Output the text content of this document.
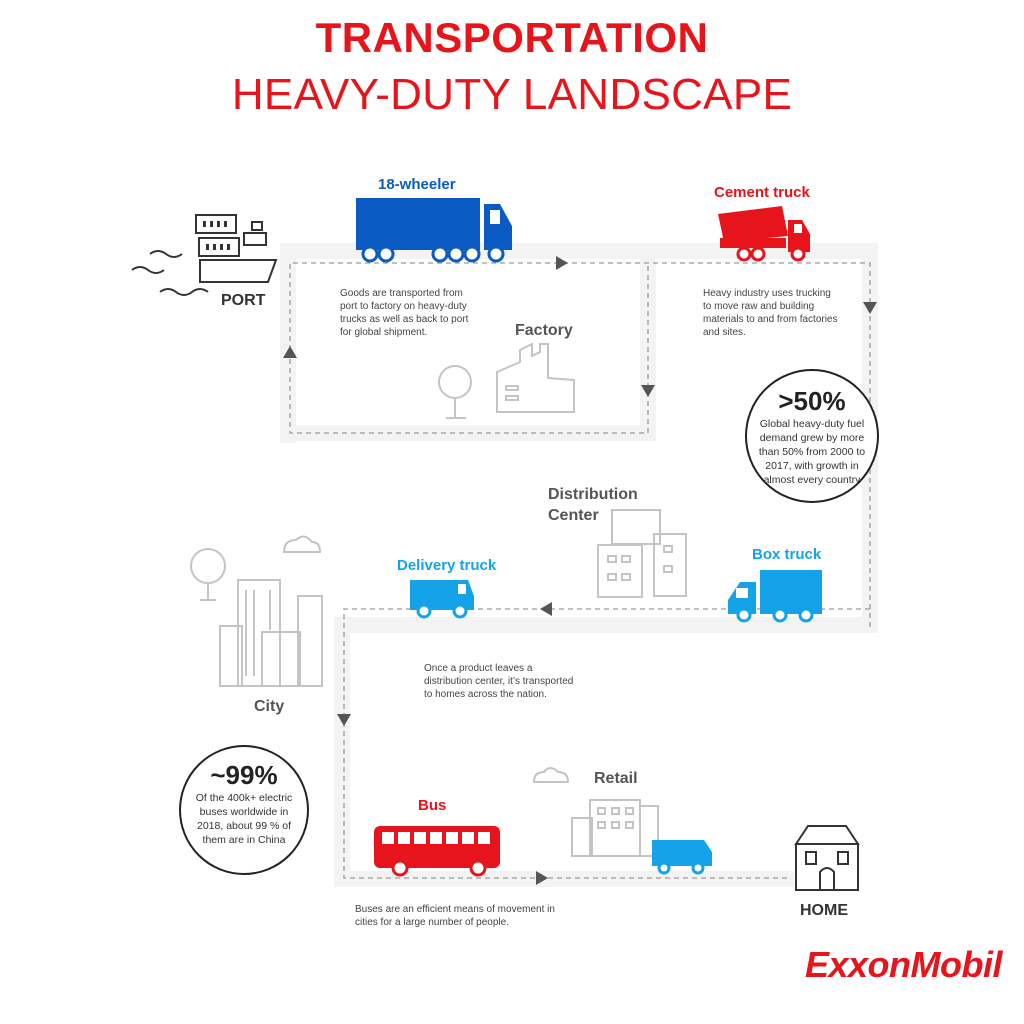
TRANSPORTATION
HEAVY-DUTY LANDSCAPE
PORT
18-wheeler	Cement truck
Factory
Distribution
Center
Box truck
Delivery truck
City
Retail
Bus
HOME
Goods are transported from
port to factory on heavy-duty
trucks as well as back to port
for global shipment.
Heavy industry uses trucking
to move raw and building
materials to and from factories
and sites.
Once a product leaves a
distribution center, it’s transported
to homes across the nation.
Buses are an efficient means of movement in
cities for a large number of people.
>50%
Global heavy-duty fuel
demand grew by more
than 50% from 2000 to
2017, with growth in
almost every country
~99%
Of the 400k+ electric
buses worldwide in
2018, about 99 % of
them are in China
ExxonMobil
